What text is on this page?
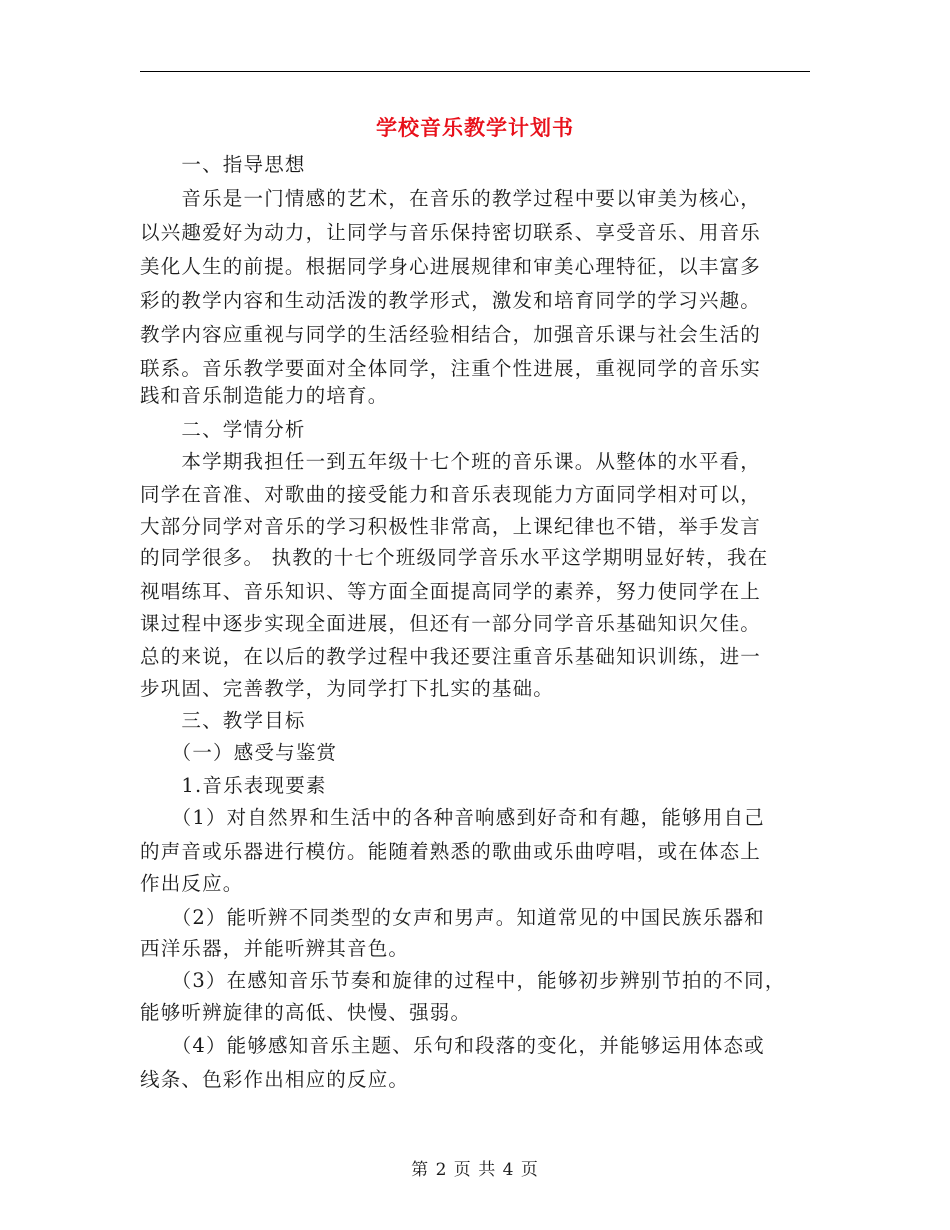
学校音乐教学计划书
　　一、指导思想
　　音乐是一门情感的艺术，在音乐的教学过程中要以审美为核心，
以兴趣爱好为动力，让同学与音乐保持密切联系、享受音乐、用音乐
美化人生的前提。根据同学身心进展规律和审美心理特征，以丰富多
彩的教学内容和生动活泼的教学形式，激发和培育同学的学习兴趣。
教学内容应重视与同学的生活经验相结合，加强音乐课与社会生活的
联系。音乐教学要面对全体同学，注重个性进展，重视同学的音乐实
践和音乐制造能力的培育。
　　二、学情分析
　　本学期我担任一到五年级十七个班的音乐课。从整体的水平看，
同学在音准、对歌曲的接受能力和音乐表现能力方面同学相对可以，
大部分同学对音乐的学习积极性非常高，上课纪律也不错，举手发言
的同学很多。 执教的十七个班级同学音乐水平这学期明显好转，我在
视唱练耳、音乐知识、等方面全面提高同学的素养，努力使同学在上
课过程中逐步实现全面进展，但还有一部分同学音乐基础知识欠佳。
总的来说，在以后的教学过程中我还要注重音乐基础知识训练，进一
步巩固、完善教学，为同学打下扎实的基础。
　　三、教学目标
　　（一）感受与鉴赏
　　1.音乐表现要素
　　（1）对自然界和生活中的各种音响感到好奇和有趣，能够用自己
的声音或乐器进行模仿。能随着熟悉的歌曲或乐曲哼唱，或在体态上
作出反应。
　　（2）能听辨不同类型的女声和男声。知道常见的中国民族乐器和
西洋乐器，并能听辨其音色。
　　（3）在感知音乐节奏和旋律的过程中，能够初步辨别节拍的不同，
能够听辨旋律的高低、快慢、强弱。
　　（4）能够感知音乐主题、乐句和段落的变化，并能够运用体态或
线条、色彩作出相应的反应。
第 2 页 共 4 页
